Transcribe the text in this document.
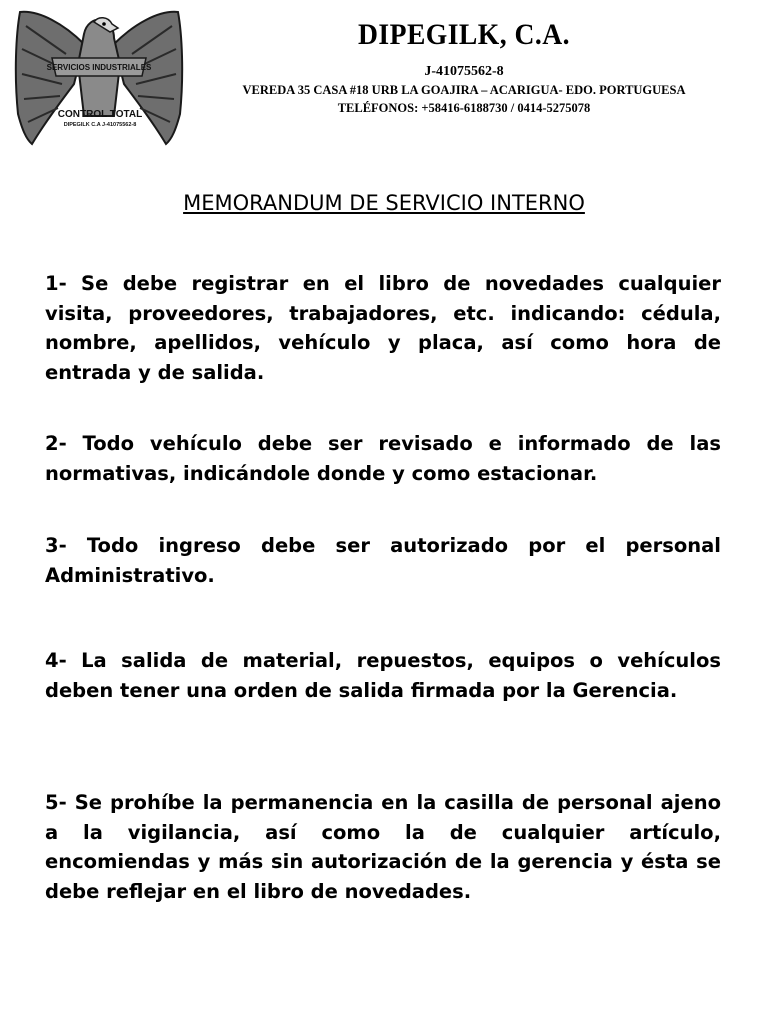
SERVICIOS INDUSTRIALES
CONTROL TOTAL
DIPEGILK C.A J-41075562-8
DIPEGILK, C.A.
J-41075562-8
VEREDA 35 CASA #18 URB LA GOAJIRA – ACARIGUA- EDO. PORTUGUESA
TELÉFONOS: +58416-6188730 / 0414-5275078
MEMORANDUM DE SERVICIO INTERNO
1- Se debe registrar en el libro de novedades cualquier visita, proveedores, trabajadores, etc. indicando: cédula, nombre, apellidos, vehículo y placa, así como hora de entrada y de salida.
2- Todo vehículo debe ser revisado e informado de las normativas, indicándole donde y como estacionar.
3- Todo ingreso debe ser autorizado por el personal Administrativo.
4- La salida de material, repuestos, equipos o vehículos deben tener una orden de salida firmada por la Gerencia.
5- Se prohíbe la permanencia en la casilla de personal ajeno a la vigilancia, así como la de cualquier artículo, encomiendas y más sin autorización de la gerencia y ésta se debe reflejar en el libro de novedades.
